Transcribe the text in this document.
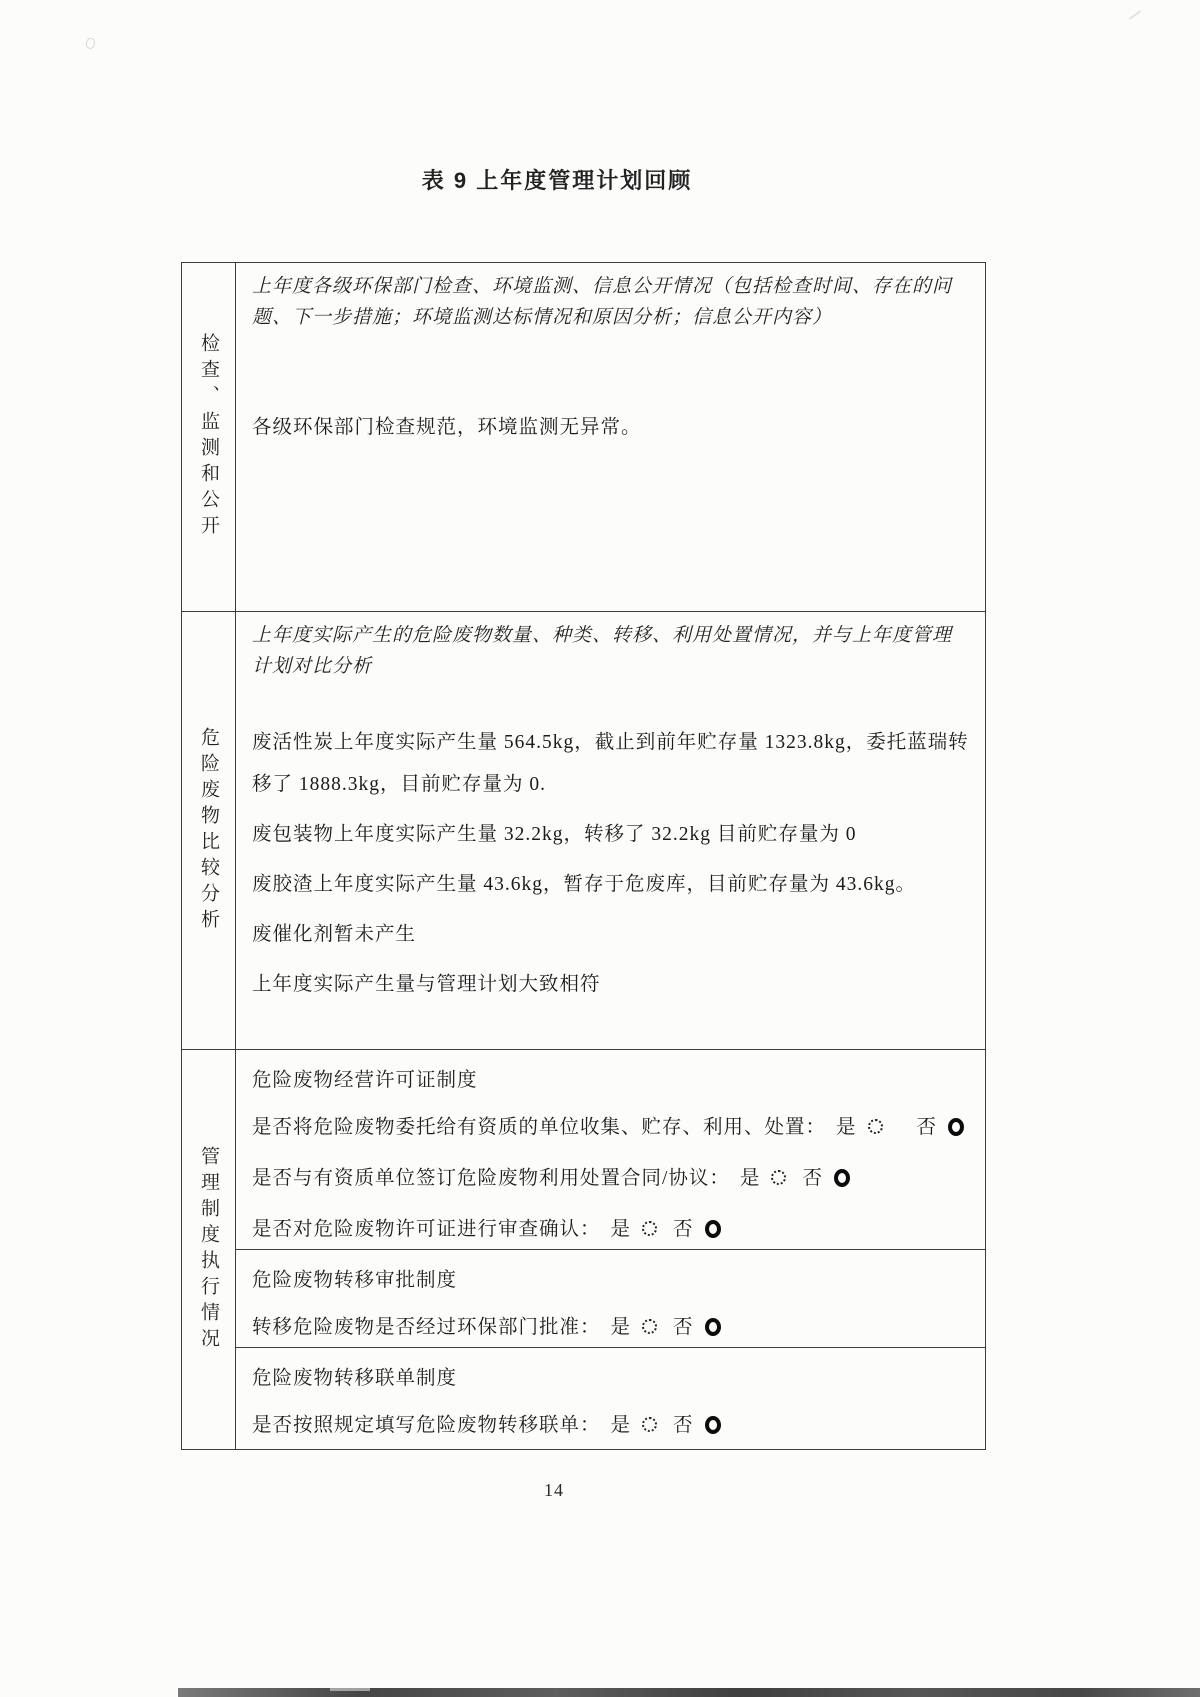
表 9 上年度管理计划回顾
检查、监测和公开
上年度各级环保部门检查、环境监测、信息公开情况（包括检查时间、存在的问
题、下一步措施；环境监测达标情况和原因分析；信息公开内容）
各级环保部门检查规范，环境监测无异常。
危险废物比较分析
上年度实际产生的危险废物数量、种类、转移、利用处置情况，并与上年度管理
计划对比分析
废活性炭上年度实际产生量 564.5kg，截止到前年贮存量 1323.8kg，委托蓝瑞转
移了 1888.3kg，目前贮存量为 0.
废包装物上年度实际产生量 32.2kg，转移了 32.2kg 目前贮存量为 0
废胶渣上年度实际产生量 43.6kg，暂存于危废库，目前贮存量为 43.6kg。
废催化剂暂未产生
上年度实际产生量与管理计划大致相符
管理制度执行情况
危险废物经营许可证制度
是否将危险废物委托给有资质的单位收集、贮存、利用、处置： 是	否
是否与有资质单位签订危险废物利用处置合同/协议： 是 否
是否对危险废物许可证进行审查确认： 是 否
危险废物转移审批制度
转移危险废物是否经过环保部门批准： 是 否
危险废物转移联单制度
是否按照规定填写危险废物转移联单： 是 否
14
